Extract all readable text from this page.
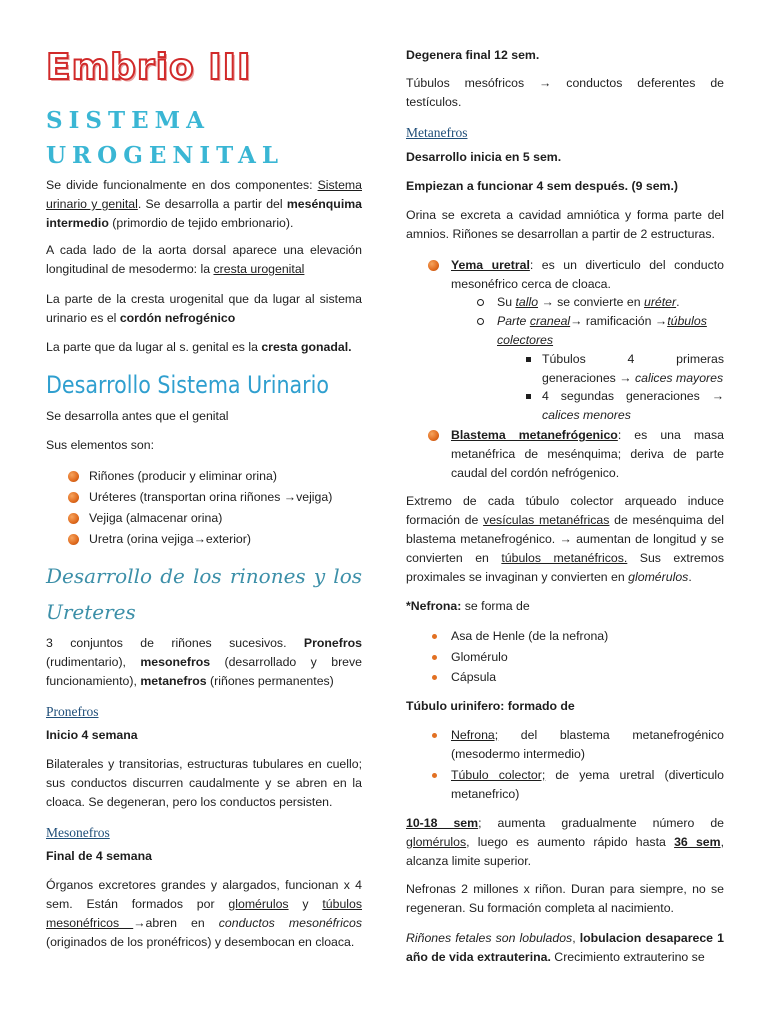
Embrio III
SISTEMA
UROGENITAL

Se divide funcionalmente en dos componentes: Sistema urinario y genital. Se desarrolla a partir del mesénquima intermedio (primordio de tejido embrionario).

A cada lado de la aorta dorsal aparece una elevación longitudinal de mesodermo: la cresta urogenital

La parte de la cresta urogenital que da lugar al sistema urinario es el cordón nefrogénico

La parte que da lugar al s. genital es la cresta gonadal.

Desarrollo Sistema Urinario

Se desarrolla antes que el genital

Sus elementos son:

Riñones (producir y eliminar orina)
Uréteres (transportan orina riñones →vejiga)
Vejiga (almacenar orina)
Uretra (orina vejiga→exterior)
Desarrollo de los rinones y los Ureteres

3 conjuntos de riñones sucesivos. Pronefros (rudimentario), mesonefros (desarrollado y breve funcionamiento), metanefros (riñones permanentes)

Pronefros

Inicio 4 semana

Bilaterales y transitorias, estructuras tubulares en cuello; sus conductos discurren caudalmente y se abren en la cloaca. Se degeneran, pero los conductos persisten.

Mesonefros

Final de 4 semana

Órganos excretores grandes y alargados, funcionan x 4 sem. Están formados por glomérulos y túbulos mesonéfricos →abren en conductos mesonéfricos (originados de los pronéfricos) y desembocan en cloaca.

Degenera final 12 sem.

Túbulos mesófricos → conductos deferentes de testículos.

Metanefros

Desarrollo inicia en 5 sem.

Empiezan a funcionar 4 sem después. (9 sem.)

Orina se excreta a cavidad amniótica y forma parte del amnios. Riñones se desarrollan a partir de 2 estructuras.

Yema uretral: es un diverticulo del conducto mesonéfrico cerca de cloaca.
Su tallo → se convierte en uréter.
Parte craneal→ ramificación →túbulos colectores
Túbulos 4 primeras generaciones → calices mayores
4 segundas generaciones → calices menores
Blastema metanefrógenico: es una masa metanéfrica de mesénquima; deriva de parte caudal del cordón nefrógenico.

Extremo de cada túbulo colector arqueado induce formación de vesículas metanéfricas de mesénquima del blastema metanefrogénico. → aumentan de longitud y se convierten en túbulos metanéfricos. Sus extremos proximales se invaginan y convierten en glomérulos.

*Nefrona: se forma de

Asa de Henle (de la nefrona)
Glomérulo
Cápsula

Túbulo urinifero: formado de

Nefrona; del blastema metanefrogénico (mesodermo intermedio)
Túbulo colector; de yema uretral (diverticulo metanefrico)

10-18 sem; aumenta gradualmente número de glomérulos, luego es aumento rápido hasta 36 sem, alcanza limite superior.

Nefronas 2 millones x riñon. Duran para siempre, no se regeneran. Su formación completa al nacimiento.

Riñones fetales son lobulados, lobulacion desaparece 1 año de vida extrauterina. Crecimiento extrauterino se
